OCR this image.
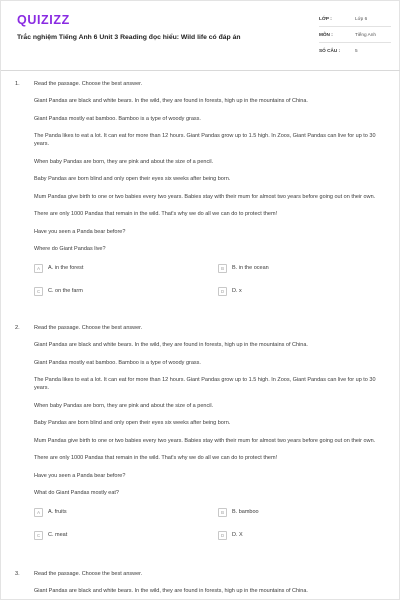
QUIZIZZ
Trắc nghiệm Tiếng Anh 6 Unit 3 Reading đọc hiểu: Wild life có đáp án
LỚP :	Lớp 6
MÔN :	Tiếng Anh
SỐ CÂU :	5
1.	Read the passage. Choose the best answer.
Giant Pandas are black and white bears. In the wild, they are found in forests, high up in the mountains of China.
Giant Pandas mostly eat bamboo. Bamboo is a type of woody grass.
The Panda likes to eat a lot. It can eat for more than 12 hours. Giant Pandas grow up to 1.5 high. In Zoos, Giant Pandas can live for up to 30 years.
When baby Pandas are born, they are pink and about the size of a pencil.
Baby Pandas are born blind and only open their eyes six weeks after being born.
Mum Pandas give birth to one or two babies every two years. Babies stay with their mum for almost two years before going out on their own.
There are only 1000 Pandas that remain in the wild. That's why we do all we can do to protect them!
Have you seen a Panda bear before?
Where do Giant Pandas live?
A	A. in the forest	B	B. in the ocean
C	C. on the farm	D	D. x
2.	Read the passage. Choose the best answer.
Giant Pandas are black and white bears. In the wild, they are found in forests, high up in the mountains of China.
Giant Pandas mostly eat bamboo. Bamboo is a type of woody grass.
The Panda likes to eat a lot. It can eat for more than 12 hours. Giant Pandas grow up to 1.5 high. In Zoos, Giant Pandas can live for up to 30 years.
When baby Pandas are born, they are pink and about the size of a pencil.
Baby Pandas are born blind and only open their eyes six weeks after being born.
Mum Pandas give birth to one or two babies every two years. Babies stay with their mum for almost two years before going out on their own.
There are only 1000 Pandas that remain in the wild. That's why we do all we can do to protect them!
Have you seen a Panda bear before?
What do Giant Pandas mostly eat?
A	A. fruits	B	B. bamboo
C	C. meat	D	D. X
3.	Read the passage. Choose the best answer.
Giant Pandas are black and white bears. In the wild, they are found in forests, high up in the mountains of China.
